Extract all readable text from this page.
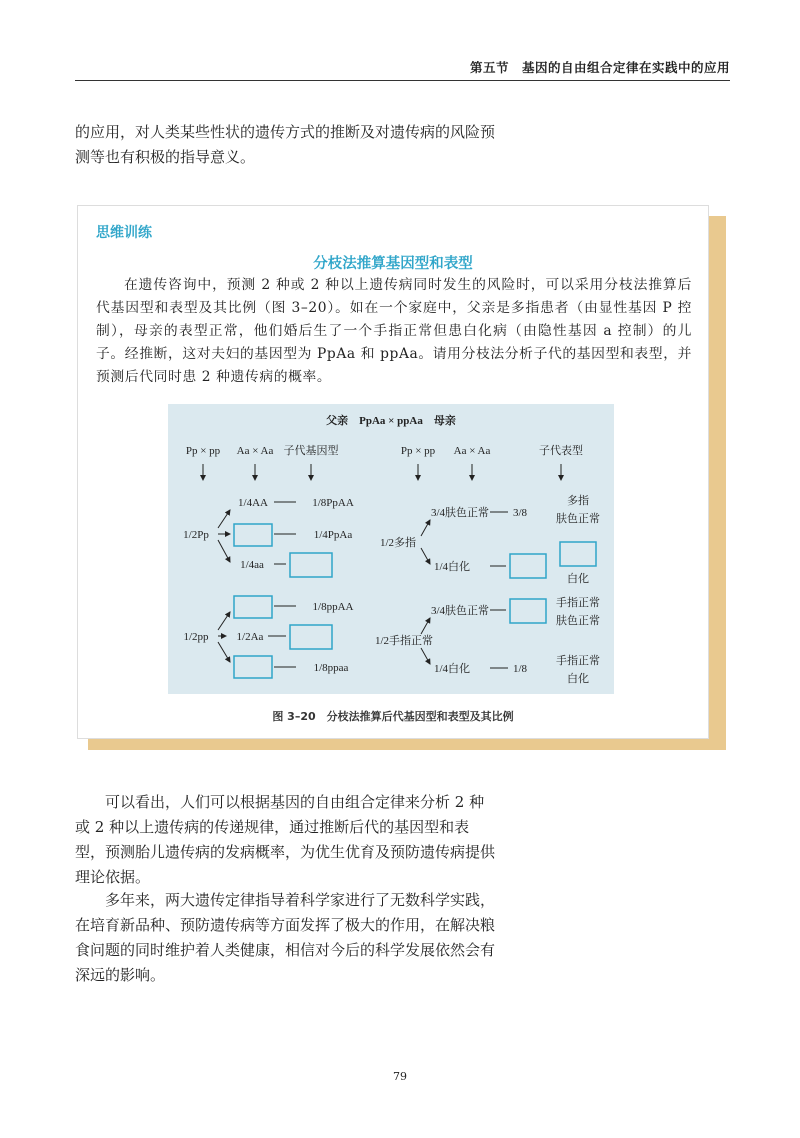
第五节　基因的自由组合定律在实践中的应用

的应用，对人类某些性状的遗传方式的推断及对遗传病的风险预测等也有积极的指导意义。

思维训练
分枝法推算基因型和表型

在遗传咨询中，预测 2 种或 2 种以上遗传病同时发生的风险时，可以采用分枝法推算后代基因型和表型及其比例（图 3–20）。如在一个家庭中，父亲是多指患者（由显性基因 P 控制），母亲的表型正常，他们婚后生了一个手指正常但患白化病（由隐性基因 a 控制）的儿子。经推断，这对夫妇的基因型为 PpAa 和 ppAa。请用分枝法分析子代的基因型和表型，并预测后代同时患 2 种遗传病的概率。

父亲　PpAa × ppAa　母亲
Pp × pp Aa × Aa 子代基因型
1/4AA	1/8PpAA
1/2Pp	1/4PpAa
1/4aa
1/8ppAA
1/2pp	1/2Aa
1/8ppaa
Pp × pp Aa × Aa	子代表型
多指
肤色正常
3/4肤色正常 3/8
1/2多指
1/4白化
白化
3/4肤色正常
手指正常
肤色正常
1/2手指正常
1/4白化	1/8
手指正常
白化
图 3–20　分枝法推算后代基因型和表型及其比例

可以看出，人们可以根据基因的自由组合定律来分析 2 种或 2 种以上遗传病的传递规律，通过推断后代的基因型和表型，预测胎儿遗传病的发病概率，为优生优育及预防遗传病提供理论依据。

多年来，两大遗传定律指导着科学家进行了无数科学实践，在培育新品种、预防遗传病等方面发挥了极大的作用，在解决粮食问题的同时维护着人类健康，相信对今后的科学发展依然会有深远的影响。

79
